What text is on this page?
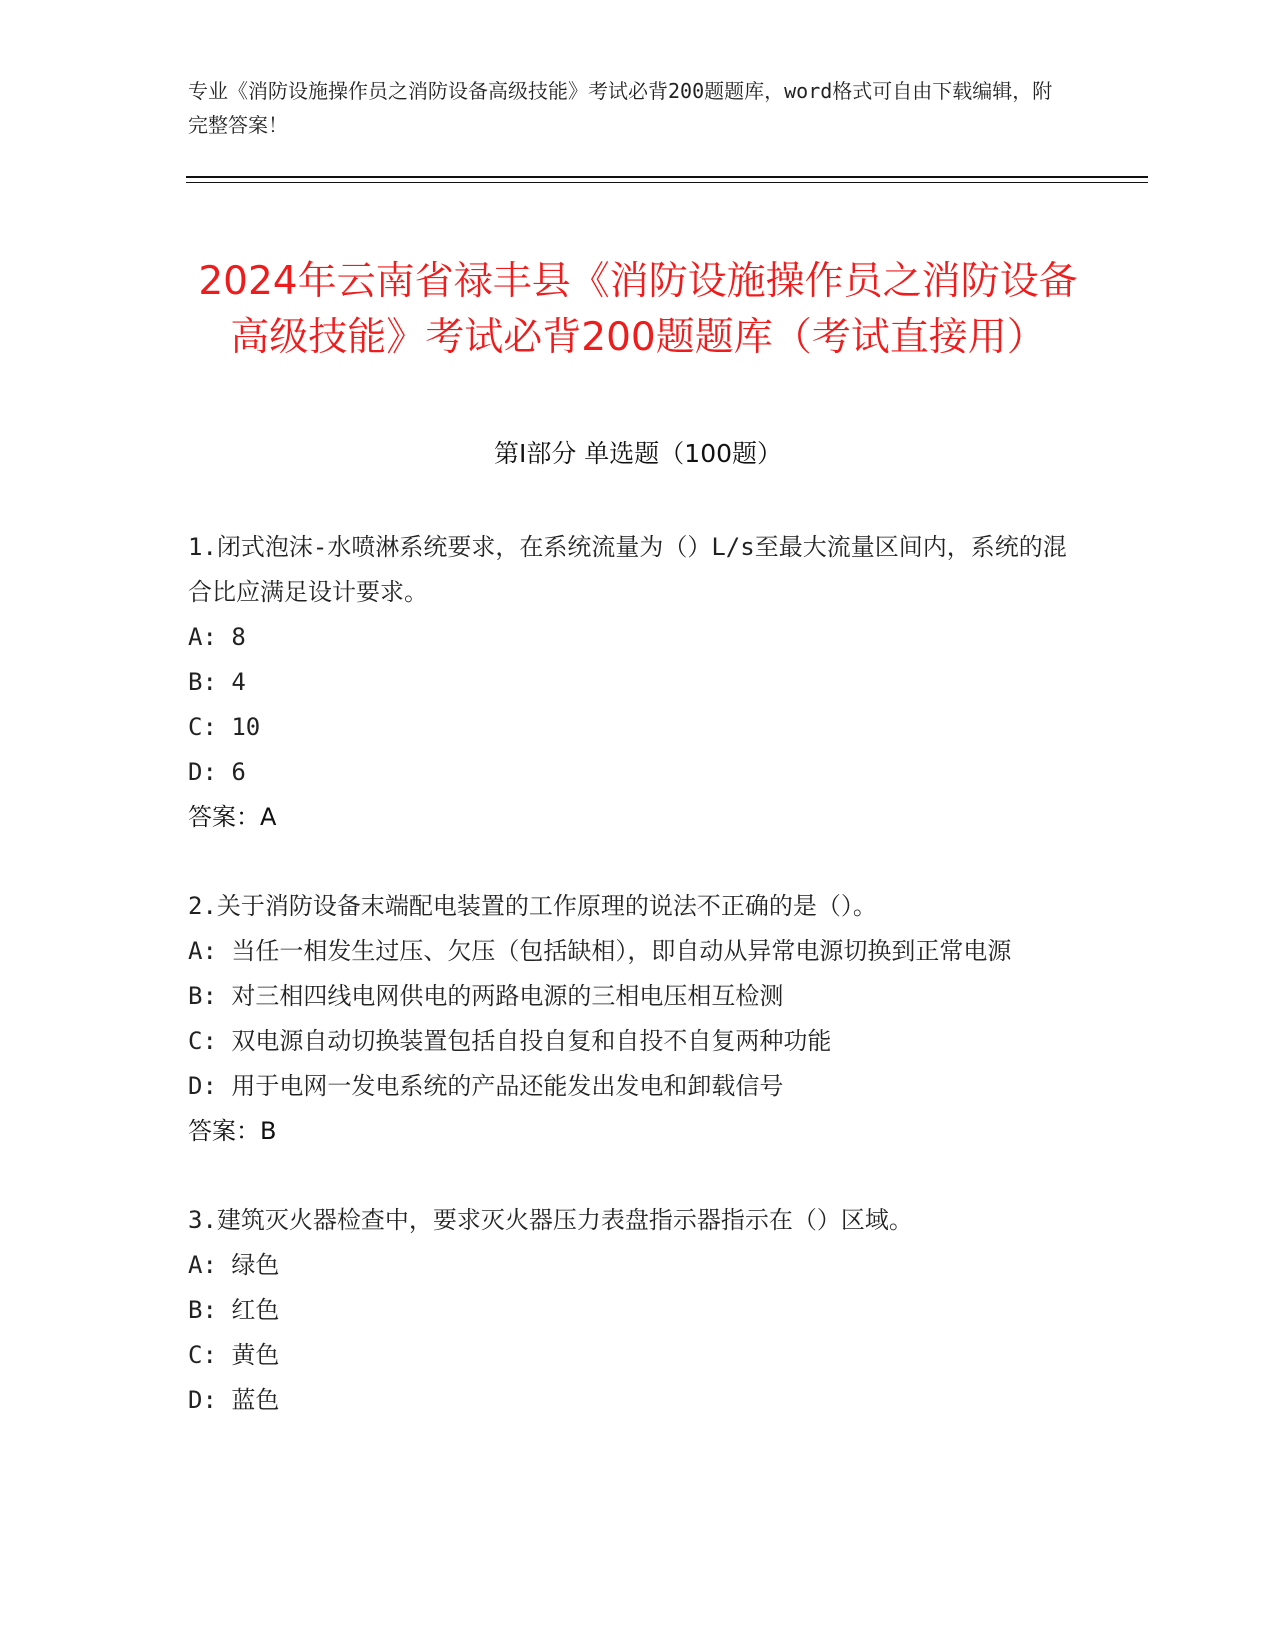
专业《消防设施操作员之消防设备高级技能》考试必背200题题库，word格式可自由下载编辑，附完整答案！
2024年云南省禄丰县《消防设施操作员之消防设备高级技能》考试必背200题题库（考试直接用）
第I部分 单选题（100题）

1.闭式泡沫-水喷淋系统要求，在系统流量为（）L/s至最大流量区间内，系统的混合比应满足设计要求。

A: 8

B: 4

C: 10

D: 6

答案：A

2.关于消防设备末端配电装置的工作原理的说法不正确的是（）。

A: 当任一相发生过压、欠压（包括缺相），即自动从异常电源切换到正常电源

B: 对三相四线电网供电的两路电源的三相电压相互检测

C: 双电源自动切换装置包括自投自复和自投不自复两种功能

D: 用于电网一发电系统的产品还能发出发电和卸载信号

答案：B

3.建筑灭火器检查中，要求灭火器压力表盘指示器指示在（）区域。

A: 绿色

B: 红色

C: 黄色

D: 蓝色
